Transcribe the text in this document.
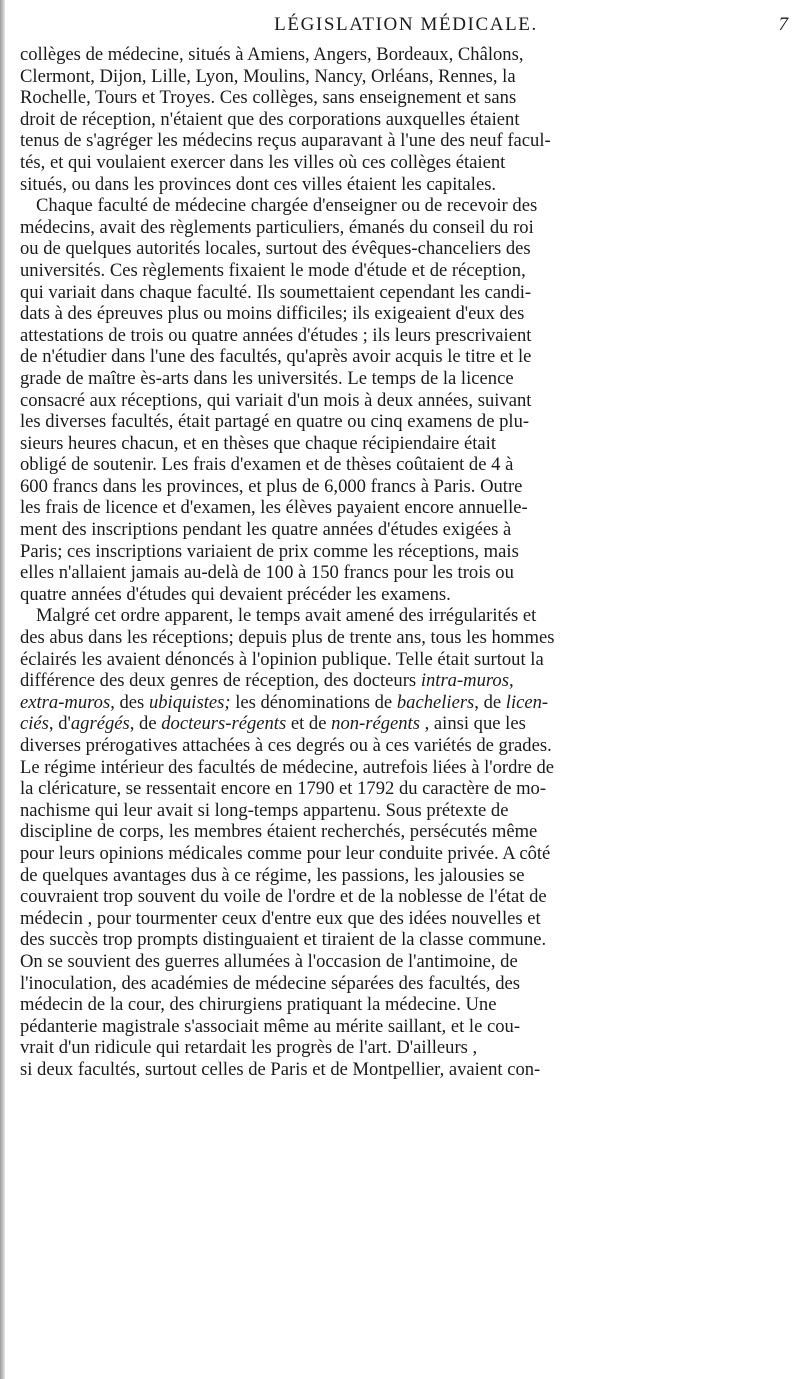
LÉGISLATION MÉDICALE.	7

collèges de médecine, situés à Amiens, Angers, Bordeaux, Châlons,
Clermont, Dijon, Lille, Lyon, Moulins, Nancy, Orléans, Rennes, la
Rochelle, Tours et Troyes. Ces collèges, sans enseignement et sans
droit de réception, n'étaient que des corporations auxquelles étaient
tenus de s'agréger les médecins reçus auparavant à l'une des neuf facul-
tés, et qui voulaient exercer dans les villes où ces collèges étaient
situés, ou dans les provinces dont ces villes étaient les capitales.

Chaque faculté de médecine chargée d'enseigner ou de recevoir des
médecins, avait des règlements particuliers, émanés du conseil du roi
ou de quelques autorités locales, surtout des évêques-chanceliers des
universités. Ces règlements fixaient le mode d'étude et de réception,
qui variait dans chaque faculté. Ils soumettaient cependant les candi-
dats à des épreuves plus ou moins difficiles; ils exigeaient d'eux des
attestations de trois ou quatre années d'études ; ils leurs prescrivaient
de n'étudier dans l'une des facultés, qu'après avoir acquis le titre et le
grade de maître ès-arts dans les universités. Le temps de la licence
consacré aux réceptions, qui variait d'un mois à deux années, suivant
les diverses facultés, était partagé en quatre ou cinq examens de plu-
sieurs heures chacun, et en thèses que chaque récipiendaire était
obligé de soutenir. Les frais d'examen et de thèses coûtaient de 4 à
600 francs dans les provinces, et plus de 6,000 francs à Paris. Outre
les frais de licence et d'examen, les élèves payaient encore annuelle-
ment des inscriptions pendant les quatre années d'études exigées à
Paris; ces inscriptions variaient de prix comme les réceptions, mais
elles n'allaient jamais au-delà de 100 à 150 francs pour les trois ou
quatre années d'études qui devaient précéder les examens.

Malgré cet ordre apparent, le temps avait amené des irrégularités et
des abus dans les réceptions; depuis plus de trente ans, tous les hommes
éclairés les avaient dénoncés à l'opinion publique. Telle était surtout la
différence des deux genres de réception, des docteurs intra-muros,
extra-muros, des ubiquistes; les dénominations de bacheliers, de licen-
ciés, d'agrégés, de docteurs-régents et de non-régents , ainsi que les
diverses prérogatives attachées à ces degrés ou à ces variétés de grades.
Le régime intérieur des facultés de médecine, autrefois liées à l'ordre de
la cléricature, se ressentait encore en 1790 et 1792 du caractère de mo-
nachisme qui leur avait si long-temps appartenu. Sous prétexte de
discipline de corps, les membres étaient recherchés, persécutés même
pour leurs opinions médicales comme pour leur conduite privée. A côté
de quelques avantages dus à ce régime, les passions, les jalousies se
couvraient trop souvent du voile de l'ordre et de la noblesse de l'état de
médecin , pour tourmenter ceux d'entre eux que des idées nouvelles et
des succès trop prompts distinguaient et tiraient de la classe commune.
On se souvient des guerres allumées à l'occasion de l'antimoine, de
l'inoculation, des académies de médecine séparées des facultés, des
médecin de la cour, des chirurgiens pratiquant la médecine. Une
pédanterie magistrale s'associait même au mérite saillant, et le cou-
vrait d'un ridicule qui retardait les progrès de l'art. D'ailleurs ,
si deux facultés, surtout celles de Paris et de Montpellier, avaient con-
